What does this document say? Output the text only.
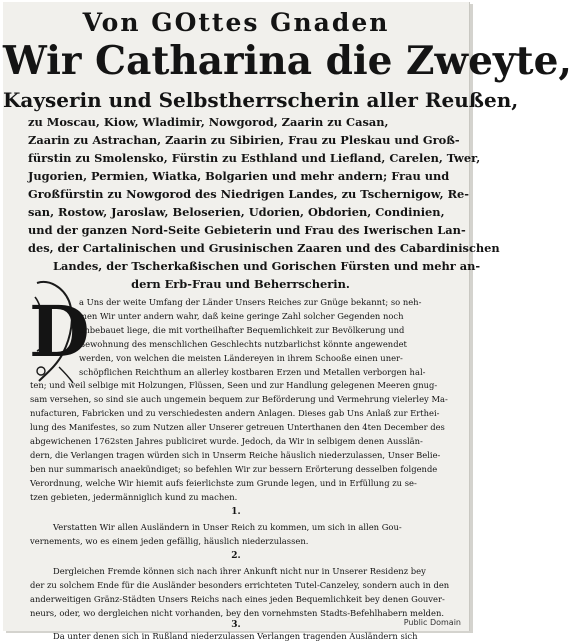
Von GOttes Gnaden
Wir Catharina die Zweyte,
Kayserin und Selbstherrscherin aller Reußen,
zu Moscau, Kiow, Wladimir, Nowgorod, Zaarin zu Casan,
Zaarin zu Astrachan, Zaarin zu Sibirien, Frau zu Pleskau und Groß-
fürstin zu Smolensko, Fürstin zu Esthland und Liefland, Carelen, Twer,
Jugorien, Permien, Wiatka, Bolgarien und mehr andern; Frau und
Großfürstin zu Nowgorod des Niedrigen Landes, zu Tschernigow, Re-
san, Rostow, Jaroslaw, Beloserien, Udorien, Obdorien, Condinien,
und der ganzen Nord-Seite Gebieterin und Frau des Iwerischen Lan-
des, der Cartalinischen und Grusinischen Zaaren und des Cabardinischen
Landes, der Tscherkaßischen und Gorischen Fürsten und mehr an-
dern Erb-Frau und Beherrscherin.
D
a Uns der weite Umfang der Länder Unsers Reiches zur Gnüge bekannt; so neh-
men Wir unter andern wahr, daß keine geringe Zahl solcher Gegenden noch
unbebauet liege, die mit vortheilhafter Bequemlichkeit zur Bevölkerung und
Bewohnung des menschlichen Geschlechts nutzbarlichst könnte angewendet
werden, von welchen die meisten Ländereyen in ihrem Schooße einen uner-
schöpflichen Reichthum an allerley kostbaren Erzen und Metallen verborgen hal-
ten; und weil selbige mit Holzungen, Flüssen, Seen und zur Handlung gelegenen Meeren gnug-
sam versehen, so sind sie auch ungemein bequem zur Beförderung und Vermehrung vielerley Ma-
nufacturen, Fabricken und zu verschiedesten andern Anlagen. Dieses gab Uns Anlaß zur Erthei-
lung des Manifestes, so zum Nutzen aller Unserer getreuen Unterthanen den 4ten December des
abgewichenen 1762sten Jahres publiciret wurde. Jedoch, da Wir in selbigem denen Ausslän-
dern, die Verlangen tragen würden sich in Unserm Reiche häuslich niederzulassen, Unser Belie-
ben nur summarisch anaekündiget; so befehlen Wir zur bessern Erörterung desselben folgende
Verordnung, welche Wir hiemit aufs feierlichste zum Grunde legen, und in Erfüllung zu se-
tzen gebieten, jedermänniglich kund zu machen.
1.
Verstatten Wir allen Ausländern in Unser Reich zu kommen, um sich in allen Gou-
vernements, wo es einem jeden gefällig, häuslich niederzulassen.
2.
Dergleichen Fremde können sich nach ihrer Ankunft nicht nur in Unserer Residenz bey
der zu solchem Ende für die Ausländer besonders errichteten Tutel-Canzeley, sondern auch in den
anderweitigen Gränz-Städten Unsers Reichs nach eines jeden Bequemlichkeit bey denen Gouver-
neurs, oder, wo dergleichen nicht vorhanden, bey den vornehmsten Stadts-Befehlhabern melden.
3.
Da unter denen sich in Rußland niederzulassen Verlangen tragenden Ausländern sich
Public Domain
